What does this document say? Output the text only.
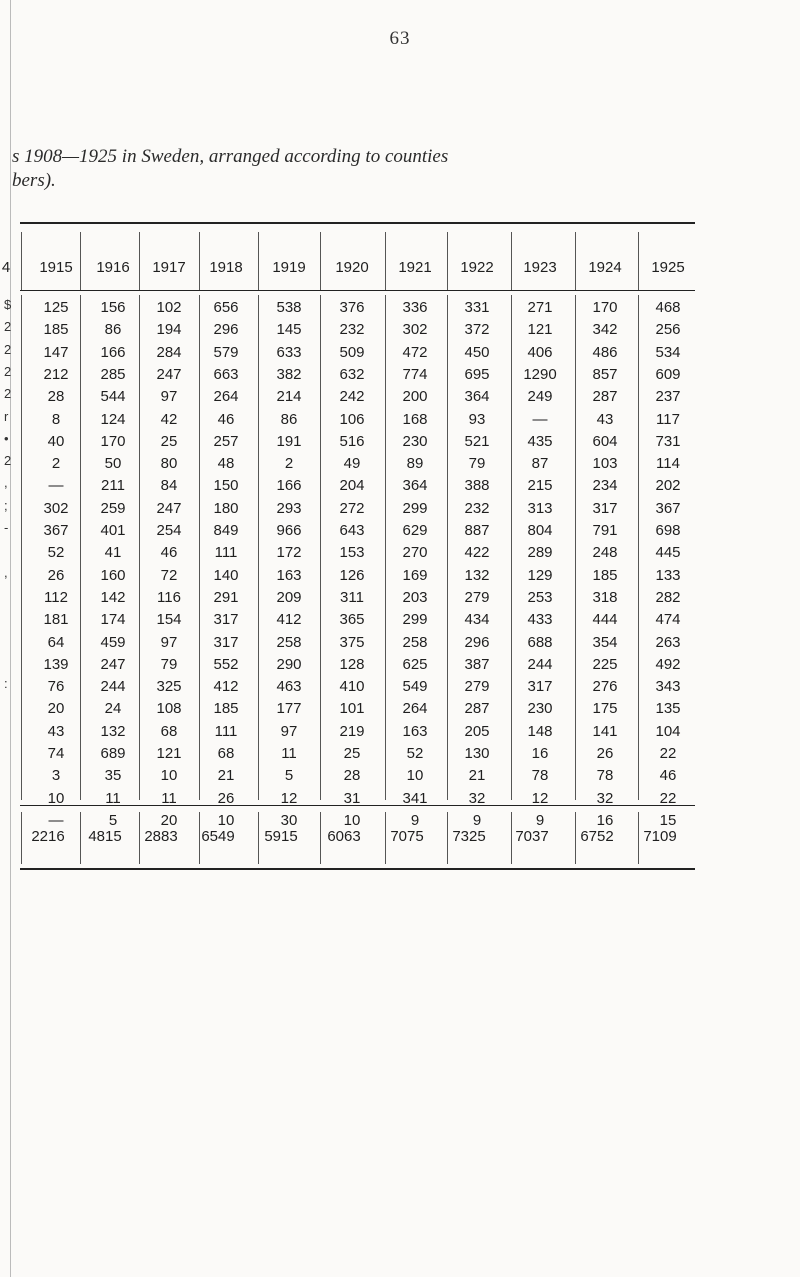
63
s 1908—1925 in Sweden, arranged according to counties
bers).
4	1915	1916	1917	1918	1919	1920	1921	1922	1923	1924	1925
$
2
2
2
2
r
•
2
,
;
-
,
:
125	156	102	656	538	376	336	331	271	170	468
185	86	194	296	145	232	302	372	121	342	256
147	166	284	579	633	509	472	450	406	486	534
212	285	247	663	382	632	774	695	1290	857	609
28	544	97	264	214	242	200	364	249	287	237
8	124	42	46	86	106	168	93	—	43	117
40	170	25	257	191	516	230	521	435	604	731
2	50	80	48	2	49	89	79	87	103	114
—	211	84	150	166	204	364	388	215	234	202
302	259	247	180	293	272	299	232	313	317	367
367	401	254	849	966	643	629	887	804	791	698
52	41	46	111	172	153	270	422	289	248	445
26	160	72	140	163	126	169	132	129	185	133
112	142	116	291	209	311	203	279	253	318	282
181	174	154	317	412	365	299	434	433	444	474
64	459	97	317	258	375	258	296	688	354	263
139	247	79	552	290	128	625	387	244	225	492
76	244	325	412	463	410	549	279	317	276	343
20	24	108	185	177	101	264	287	230	175	135
43	132	68	111	97	219	163	205	148	141	104
74	689	121	68	11	25	52	130	16	26	22
3	35	10	21	5	28	10	21	78	78	46
10	11	11	26	12	31	341	32	12	32	22
—	5	20	10	30	10	9	9	9	16	15
2216	4815	2883	6549	5915	6063	7075	7325	7037	6752	7109
